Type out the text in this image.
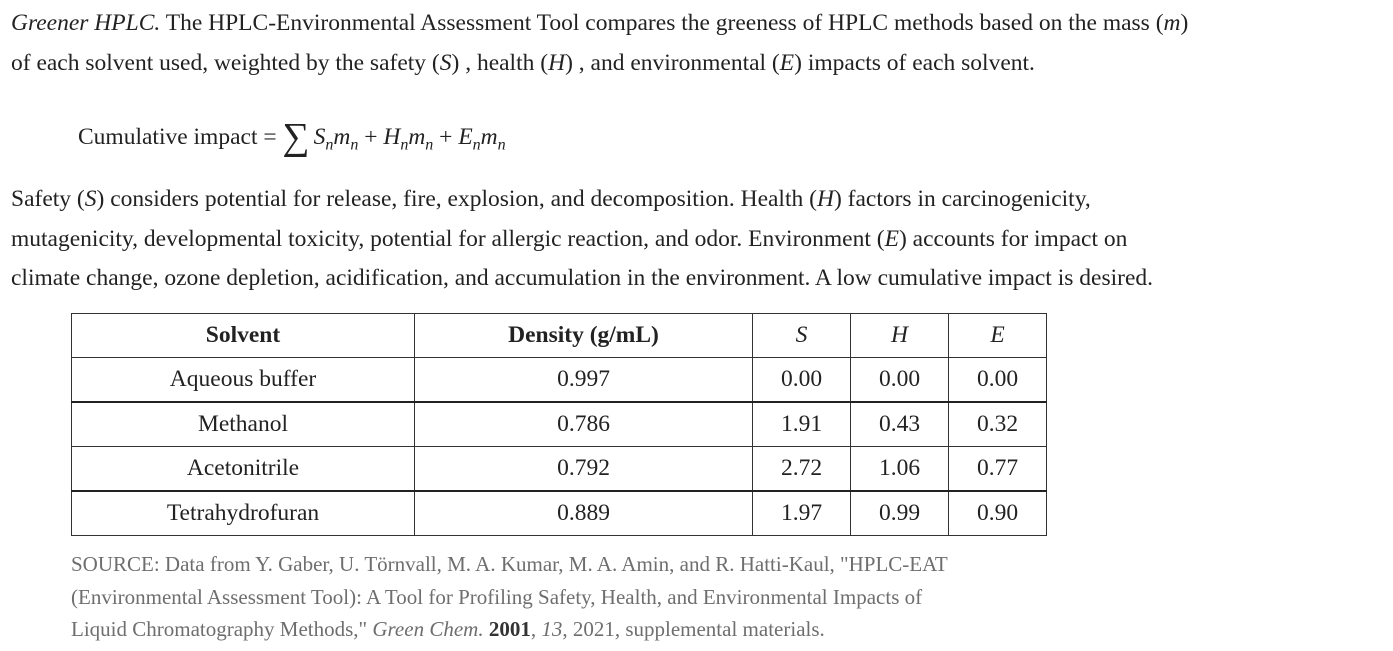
Greener HPLC. The HPLC-Environmental Assessment Tool compares the greeness of HPLC methods based on the mass (m)

of each solvent used, weighted by the safety (S) , health (H) , and environmental (E) impacts of each solvent.

Cumulative impact = ∑ $S_nm_n + H_nm_n + E_nm_n$

Safety (S) considers potential for release, fire, explosion, and decomposition. Health (H) factors in carcinogenicity,

mutagenicity, developmental toxicity, potential for allergic reaction, and odor. Environment (E) accounts for impact on

climate change, ozone depletion, acidification, and accumulation in the environment. A low cumulative impact is desired.

Solvent	Density (g/mL)	S	H	E
Aqueous buffer	0.997	0.00	0.00	0.00
Methanol	0.786	1.91	0.43	0.32
Acetonitrile	0.792	2.72	1.06	0.77
Tetrahydrofuran	0.889	1.97	0.99	0.90
SOURCE: Data from Y. Gaber, U. Törnvall, M. A. Kumar, M. A. Amin, and R. Hatti-Kaul, "HPLC-EAT
(Environmental Assessment Tool): A Tool for Profiling Safety, Health, and Environmental Impacts of
Liquid Chromatography Methods," Green Chem. 2001, 13, 2021, supplemental materials.
